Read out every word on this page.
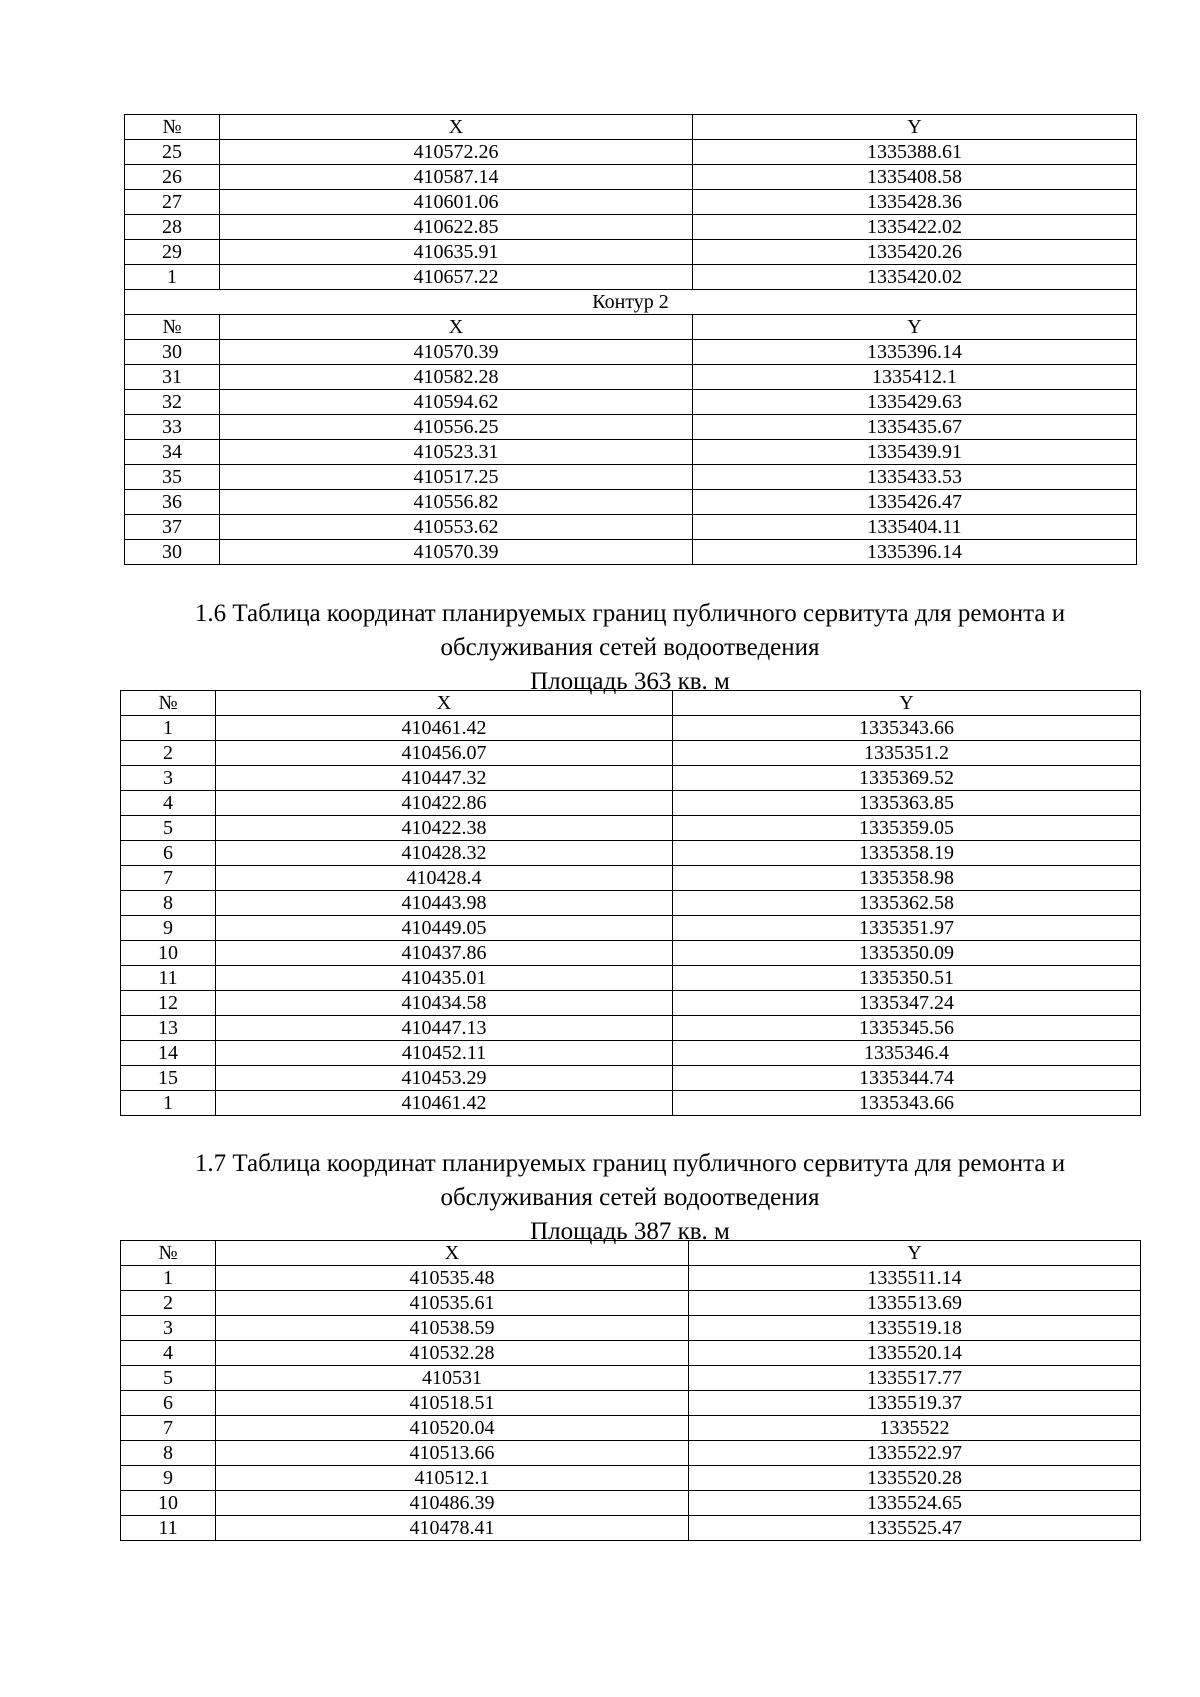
№	X	Y
25	410572.26	1335388.61
26	410587.14	1335408.58
27	410601.06	1335428.36
28	410622.85	1335422.02
29	410635.91	1335420.26
1	410657.22	1335420.02
Контур 2		
№	X	Y
30	410570.39	1335396.14
31	410582.28	1335412.1
32	410594.62	1335429.63
33	410556.25	1335435.67
34	410523.31	1335439.91
35	410517.25	1335433.53
36	410556.82	1335426.47
37	410553.62	1335404.11
30	410570.39	1335396.14
1.6 Таблица координат планируемых границ публичного сервитута для ремонта и
обслуживания сетей водоотведения
Площадь 363 кв. м
№	X	Y
1	410461.42	1335343.66
2	410456.07	1335351.2
3	410447.32	1335369.52
4	410422.86	1335363.85
5	410422.38	1335359.05
6	410428.32	1335358.19
7	410428.4	1335358.98
8	410443.98	1335362.58
9	410449.05	1335351.97
10	410437.86	1335350.09
11	410435.01	1335350.51
12	410434.58	1335347.24
13	410447.13	1335345.56
14	410452.11	1335346.4
15	410453.29	1335344.74
1	410461.42	1335343.66
1.7 Таблица координат планируемых границ публичного сервитута для ремонта и
обслуживания сетей водоотведения
Площадь 387 кв. м
№	X	Y
1	410535.48	1335511.14
2	410535.61	1335513.69
3	410538.59	1335519.18
4	410532.28	1335520.14
5	410531	1335517.77
6	410518.51	1335519.37
7	410520.04	1335522
8	410513.66	1335522.97
9	410512.1	1335520.28
10	410486.39	1335524.65
11	410478.41	1335525.47
